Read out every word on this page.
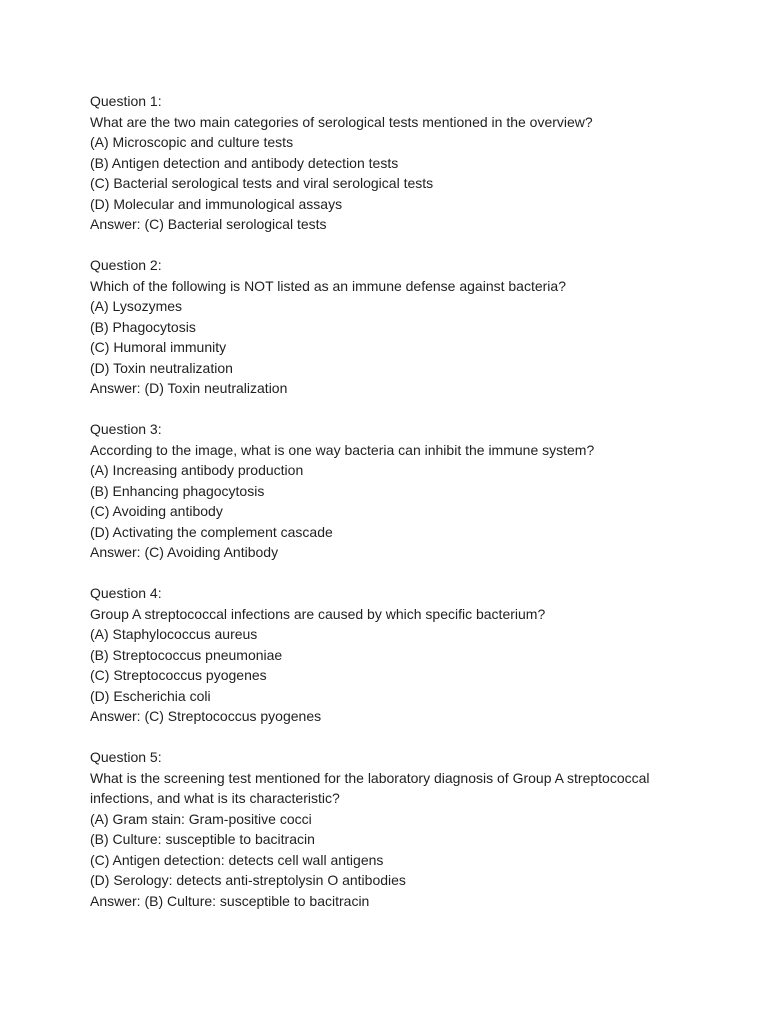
Question 1:

What are the two main categories of serological tests mentioned in the overview?

(A) Microscopic and culture tests

(B) Antigen detection and antibody detection tests

(C) Bacterial serological tests and viral serological tests

(D) Molecular and immunological assays

Answer: (C) Bacterial serological tests

Question 2:

Which of the following is NOT listed as an immune defense against bacteria?

(A) Lysozymes

(B) Phagocytosis

(C) Humoral immunity

(D) Toxin neutralization

Answer: (D) Toxin neutralization

Question 3:

According to the image, what is one way bacteria can inhibit the immune system?

(A) Increasing antibody production

(B) Enhancing phagocytosis

(C) Avoiding antibody

(D) Activating the complement cascade

Answer: (C) Avoiding Antibody

Question 4:

Group A streptococcal infections are caused by which specific bacterium?

(A) Staphylococcus aureus

(B) Streptococcus pneumoniae

(C) Streptococcus pyogenes

(D) Escherichia coli

Answer: (C) Streptococcus pyogenes

Question 5:

What is the screening test mentioned for the laboratory diagnosis of Group A streptococcal infections, and what is its characteristic?

(A) Gram stain: Gram-positive cocci

(B) Culture: susceptible to bacitracin

(C) Antigen detection: detects cell wall antigens

(D) Serology: detects anti-streptolysin O antibodies

Answer: (B) Culture: susceptible to bacitracin
